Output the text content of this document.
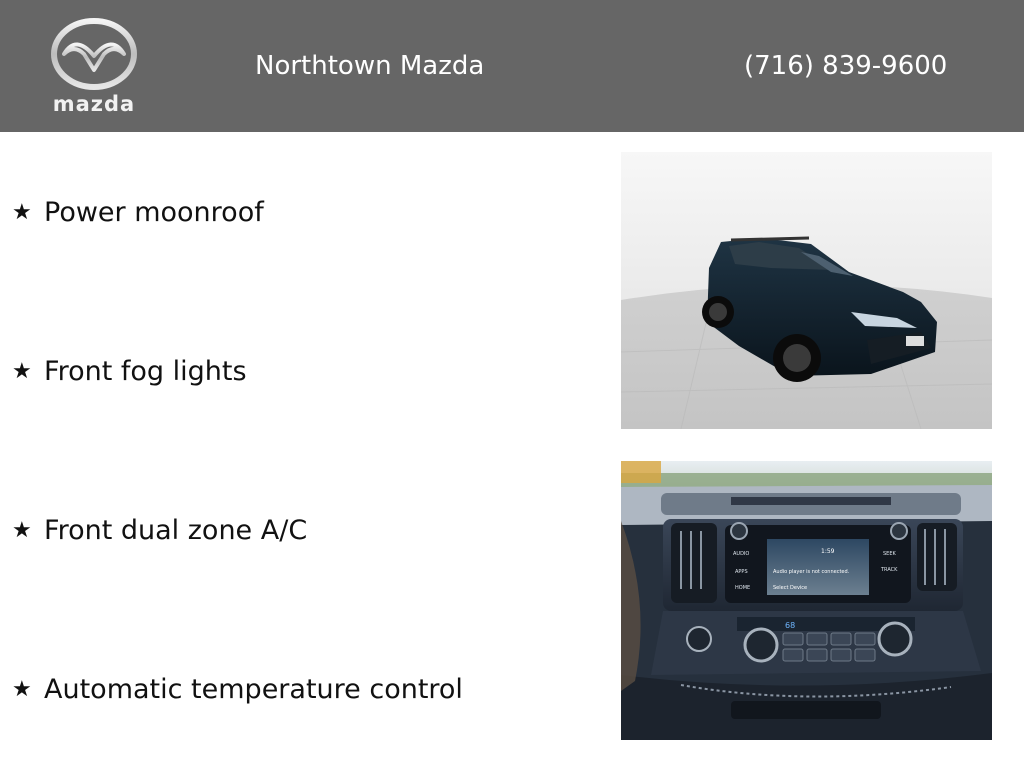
mazda
Northtown Mazda	(716) 839-9600
★ Power moonroof
★ Front fog lights
★ Front dual zone A/C
★ Automatic temperature control
1:59
Audio player is not connected.
Select Device
AUDIO
APPS
HOME
SEEK
TRACK
68
